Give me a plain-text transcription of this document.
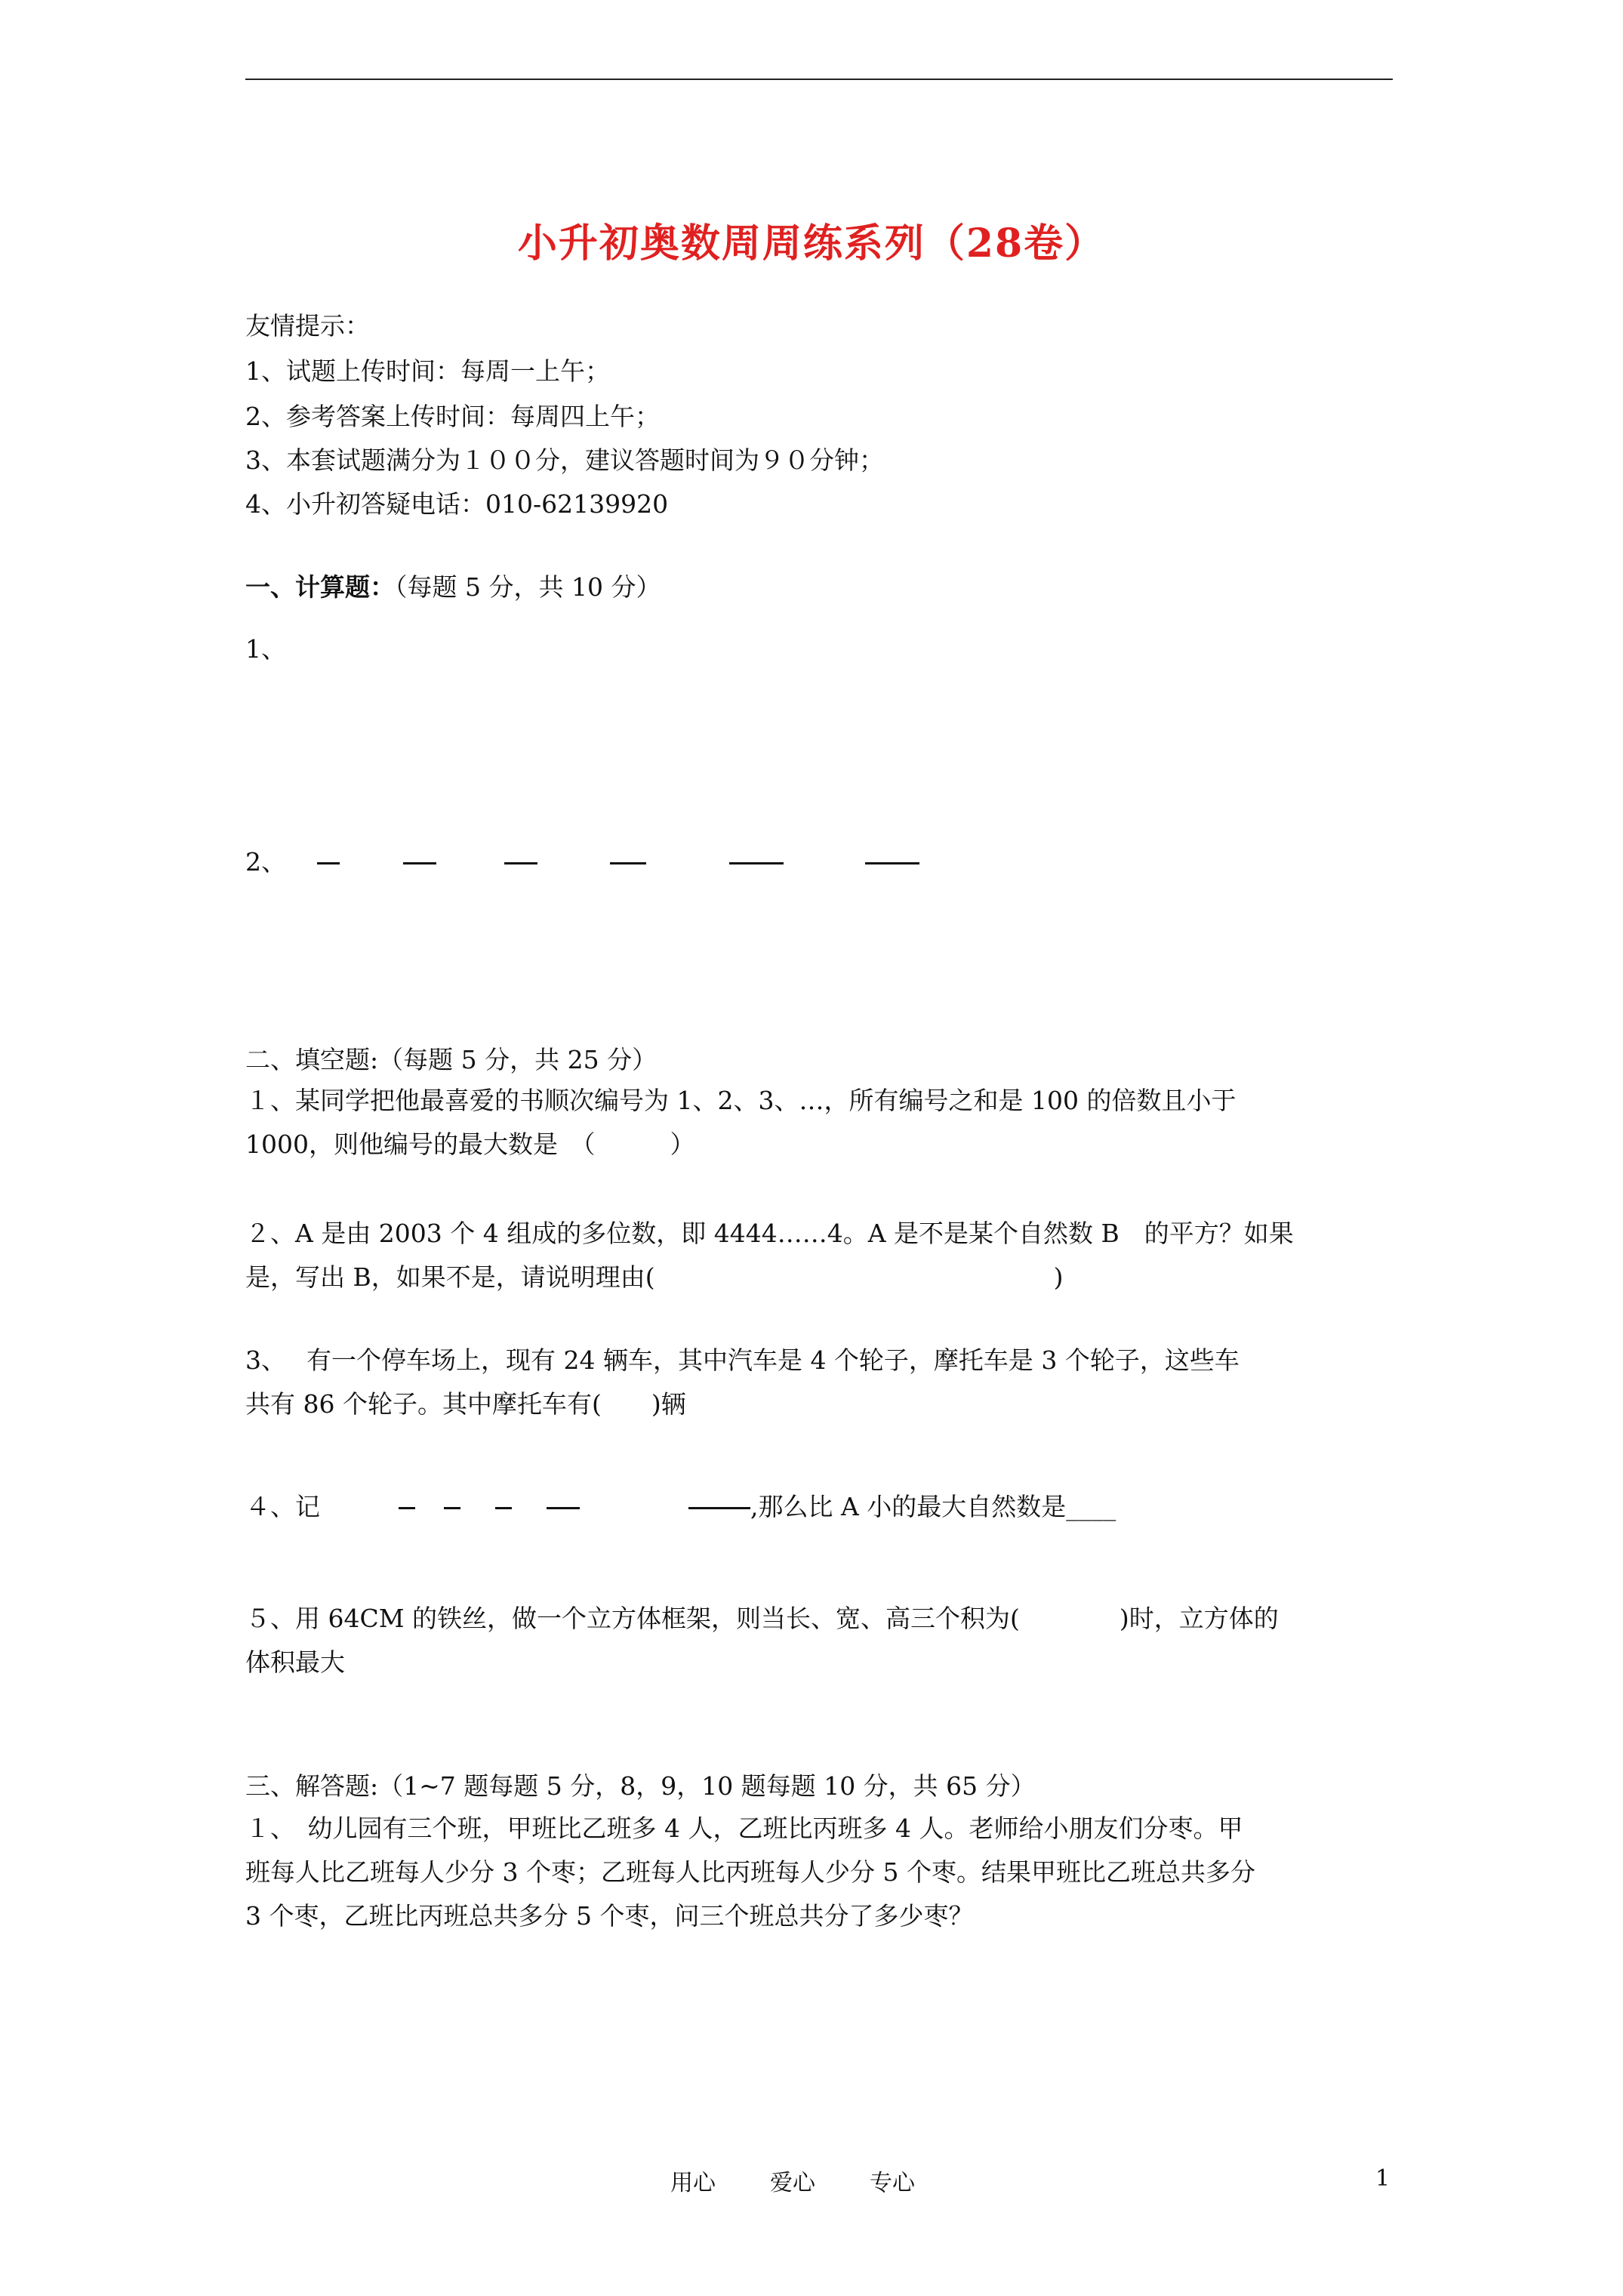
小升初奥数周周练系列（28卷）
友情提示：
1、试题上传时间：每周一上午；
2、参考答案上传时间：每周四上午；
3、本套试题满分为１００分，建议答题时间为９０分钟；
4、小升初答疑电话：010-62139920
一、计算题：（每题 5 分，共 10 分）
1、
2、
二、填空题:（每题 5 分，共 25 分）
１、某同学把他最喜爱的书顺次编号为 1、2、3、…，所有编号之和是 100 的倍数且小于
1000，则他编号的最大数是　（　　　）
２、A 是由 2003 个 4 组成的多位数，即 4444……4。A 是不是某个自然数 B　的平方？如果
是，写出 B，如果不是，请说明理由(　　　　　　　　　　　　　　　　)
3、　 有一个停车场上，现有 24 辆车，其中汽车是 4 个轮子，摩托车是 3 个轮子，这些车
共有 86 个轮子。其中摩托车有(　　)辆
４、记	,那么比 A 小的最大自然数是____
５、用 64CM 的铁丝，做一个立方体框架，则当长、宽、高三个积为(　　　　)时，立方体的
体积最大
三、解答题:（1~7 题每题 5 分，8，9，10 题每题 10 分，共 65 分）
１、　幼儿园有三个班，甲班比乙班多 4 人，乙班比丙班多 4 人。老师给小朋友们分枣。甲
班每人比乙班每人少分 3 个枣；乙班每人比丙班每人少分 5 个枣。结果甲班比乙班总共多分
3 个枣，乙班比丙班总共多分 5 个枣，问三个班总共分了多少枣？
用心 爱心 专心	1
